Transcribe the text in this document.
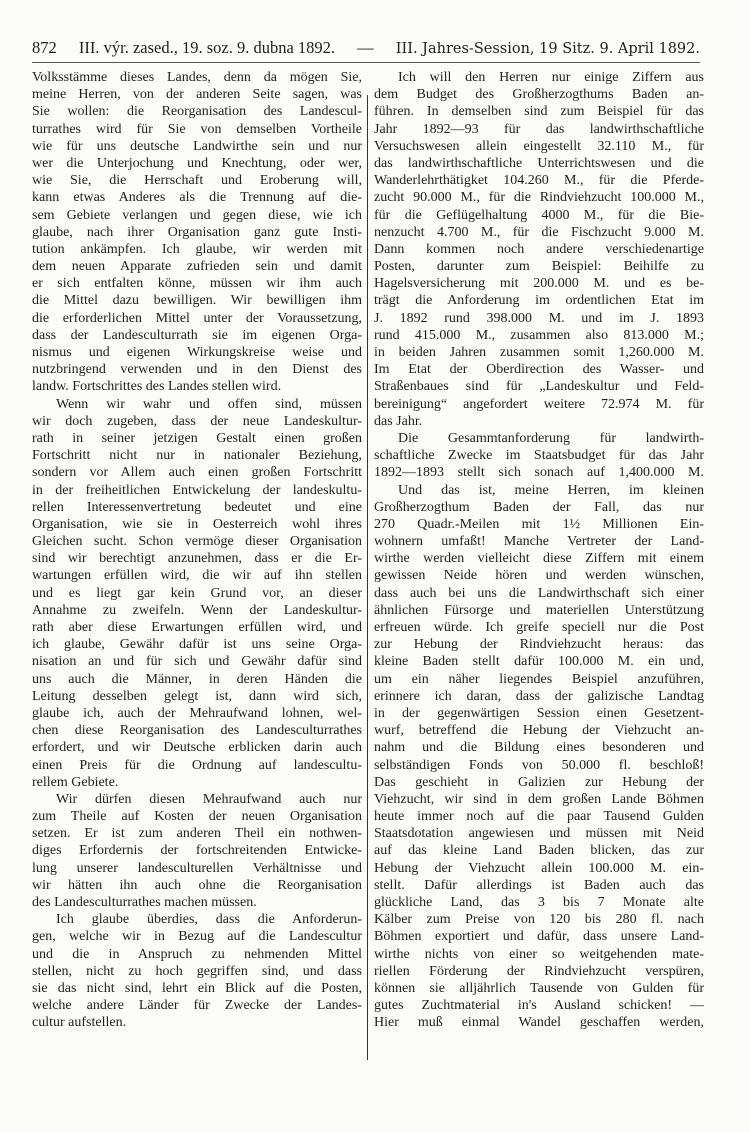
872 III. výr. zased., 19. soz. 9. dubna 1892. — III. Jahres-Session, 19 Sitz. 9. April 1892.
Volksstämme dieses Landes, denn da mögen Sie,
meine Herren, von der anderen Seite sagen, was
Sie wollen: die Reorganisation des Landescul-
turrathes wird für Sie von demselben Vortheile
wie für uns deutsche Landwirthe sein und nur
wer die Unterjochung und Knechtung, oder wer,
wie Sie, die Herrschaft und Eroberung will,
kann etwas Anderes als die Trennung auf die-
sem Gebiete verlangen und gegen diese, wie ich
glaube, nach ihrer Organisation ganz gute Insti-
tution ankämpfen. Ich glaube, wir werden mit
dem neuen Apparate zufrieden sein und damit
er sich entfalten könne, müssen wir ihm auch
die Mittel dazu bewilligen. Wir bewilligen ihm
die erforderlichen Mittel unter der Voraussetzung,
dass der Landesculturrath sie im eigenen Orga-
nismus und eigenen Wirkungskreise weise und
nutzbringend verwenden und in den Dienst des
landw. Fortschrittes des Landes stellen wird.
Wenn wir wahr und offen sind, müssen
wir doch zugeben, dass der neue Landeskultur-
rath in seiner jetzigen Gestalt einen großen
Fortschritt nicht nur in nationaler Beziehung,
sondern vor Allem auch einen großen Fortschritt
in der freiheitlichen Entwickelung der landeskultu-
rellen Interessenvertretung bedeutet und eine
Organisation, wie sie in Oesterreich wohl ihres
Gleichen sucht. Schon vermöge dieser Organisation
sind wir berechtigt anzunehmen, dass er die Er-
wartungen erfüllen wird, die wir auf ihn stellen
und es liegt gar kein Grund vor, an dieser
Annahme zu zweifeln. Wenn der Landeskultur-
rath aber diese Erwartungen erfüllen wird, und
ich glaube, Gewähr dafür ist uns seine Orga-
nisation an und für sich und Gewähr dafür sind
uns auch die Männer, in deren Händen die
Leitung desselben gelegt ist, dann wird sich,
glaube ich, auch der Mehraufwand lohnen, wel-
chen diese Reorganisation des Landesculturrathes
erfordert, und wir Deutsche erblicken darin auch
einen Preis für die Ordnung auf landescultu-
rellem Gebiete.
Wir dürfen diesen Mehraufwand auch nur
zum Theile auf Kosten der neuen Organisation
setzen. Er ist zum anderen Theil ein nothwen-
diges Erfordernis der fortschreitenden Entwicke-
lung unserer landesculturellen Verhältnisse und
wir hätten ihn auch ohne die Reorganisation
des Landesculturrathes machen müssen.
Ich glaube überdies, dass die Anforderun-
gen, welche wir in Bezug auf die Landescultur
und die in Anspruch zu nehmenden Mittel
stellen, nicht zu hoch gegriffen sind, und dass
sie das nicht sind, lehrt ein Blick auf die Posten,
welche andere Länder für Zwecke der Landes-
cultur aufstellen.
Ich will den Herren nur einige Ziffern aus
dem Budget des Großherzogthums Baden an-
führen. In demselben sind zum Beispiel für das
Jahr 1892—93 für das landwirthschaftliche
Versuchswesen allein eingestellt 32.110 M., für
das landwirthschaftliche Unterrichtswesen und die
Wanderlehrthätigket 104.260 M., für die Pferde-
zucht 90.000 M., für die Rindviehzucht 100.000 M.,
für die Geflügelhaltung 4000 M., für die Bie-
nenzucht 4.700 M., für die Fischzucht 9.000 M.
Dann kommen noch andere verschiedenartige
Posten, darunter zum Beispiel: Beihilfe zu
Hagelsversicherung mit 200.000 M. und es be-
trägt die Anforderung im ordentlichen Etat im
J. 1892 rund 398.000 M. und im J. 1893
rund 415.000 M., zusammen also 813.000 M.;
in beiden Jahren zusammen somit 1,260.000 M.
Im Etat der Oberdirection des Wasser- und
Straßenbaues sind für „Landeskultur und Feld-
bereinigung“ angefordert weitere 72.974 M. für
das Jahr.
Die Gesammtanforderung für landwirth-
schaftliche Zwecke im Staatsbudget für das Jahr
1892—1893 stellt sich sonach auf 1,400.000 M.
Und das ist, meine Herren, im kleinen
Großherzogthum Baden der Fall, das nur
270 Quadr.-Meilen mit 1½ Millionen Ein-
wohnern umfaßt! Manche Vertreter der Land-
wirthe werden vielleicht diese Ziffern mit einem
gewissen Neide hören und werden wünschen,
dass auch bei uns die Landwirthschaft sich einer
ähnlichen Fürsorge und materiellen Unterstützung
erfreuen würde. Ich greife speciell nur die Post
zur Hebung der Rindviehzucht heraus: das
kleine Baden stellt dafür 100.000 M. ein und,
um ein näher liegendes Beispiel anzuführen,
erinnere ich daran, dass der galizische Landtag
in der gegenwärtigen Session einen Gesetzent-
wurf, betreffend die Hebung der Viehzucht an-
nahm und die Bildung eines besonderen und
selbständigen Fonds von 50.000 fl. beschloß!
Das geschieht in Galizien zur Hebung der
Viehzucht, wir sind in dem großen Lande Böhmen
heute immer noch auf die paar Tausend Gulden
Staatsdotation angewiesen und müssen mit Neid
auf das kleine Land Baden blicken, das zur
Hebung der Viehzucht allein 100.000 M. ein-
stellt. Dafür allerdings ist Baden auch das
glückliche Land, das 3 bis 7 Monate alte
Kälber zum Preise von 120 bis 280 fl. nach
Böhmen exportiert und dafür, dass unsere Land-
wirthe nichts von einer so weitgehenden mate-
riellen Förderung der Rindviehzucht verspüren,
können sie alljährlich Tausende von Gulden für
gutes Zuchtmaterial in's Ausland schicken! —
Hier muß einmal Wandel geschaffen werden,
